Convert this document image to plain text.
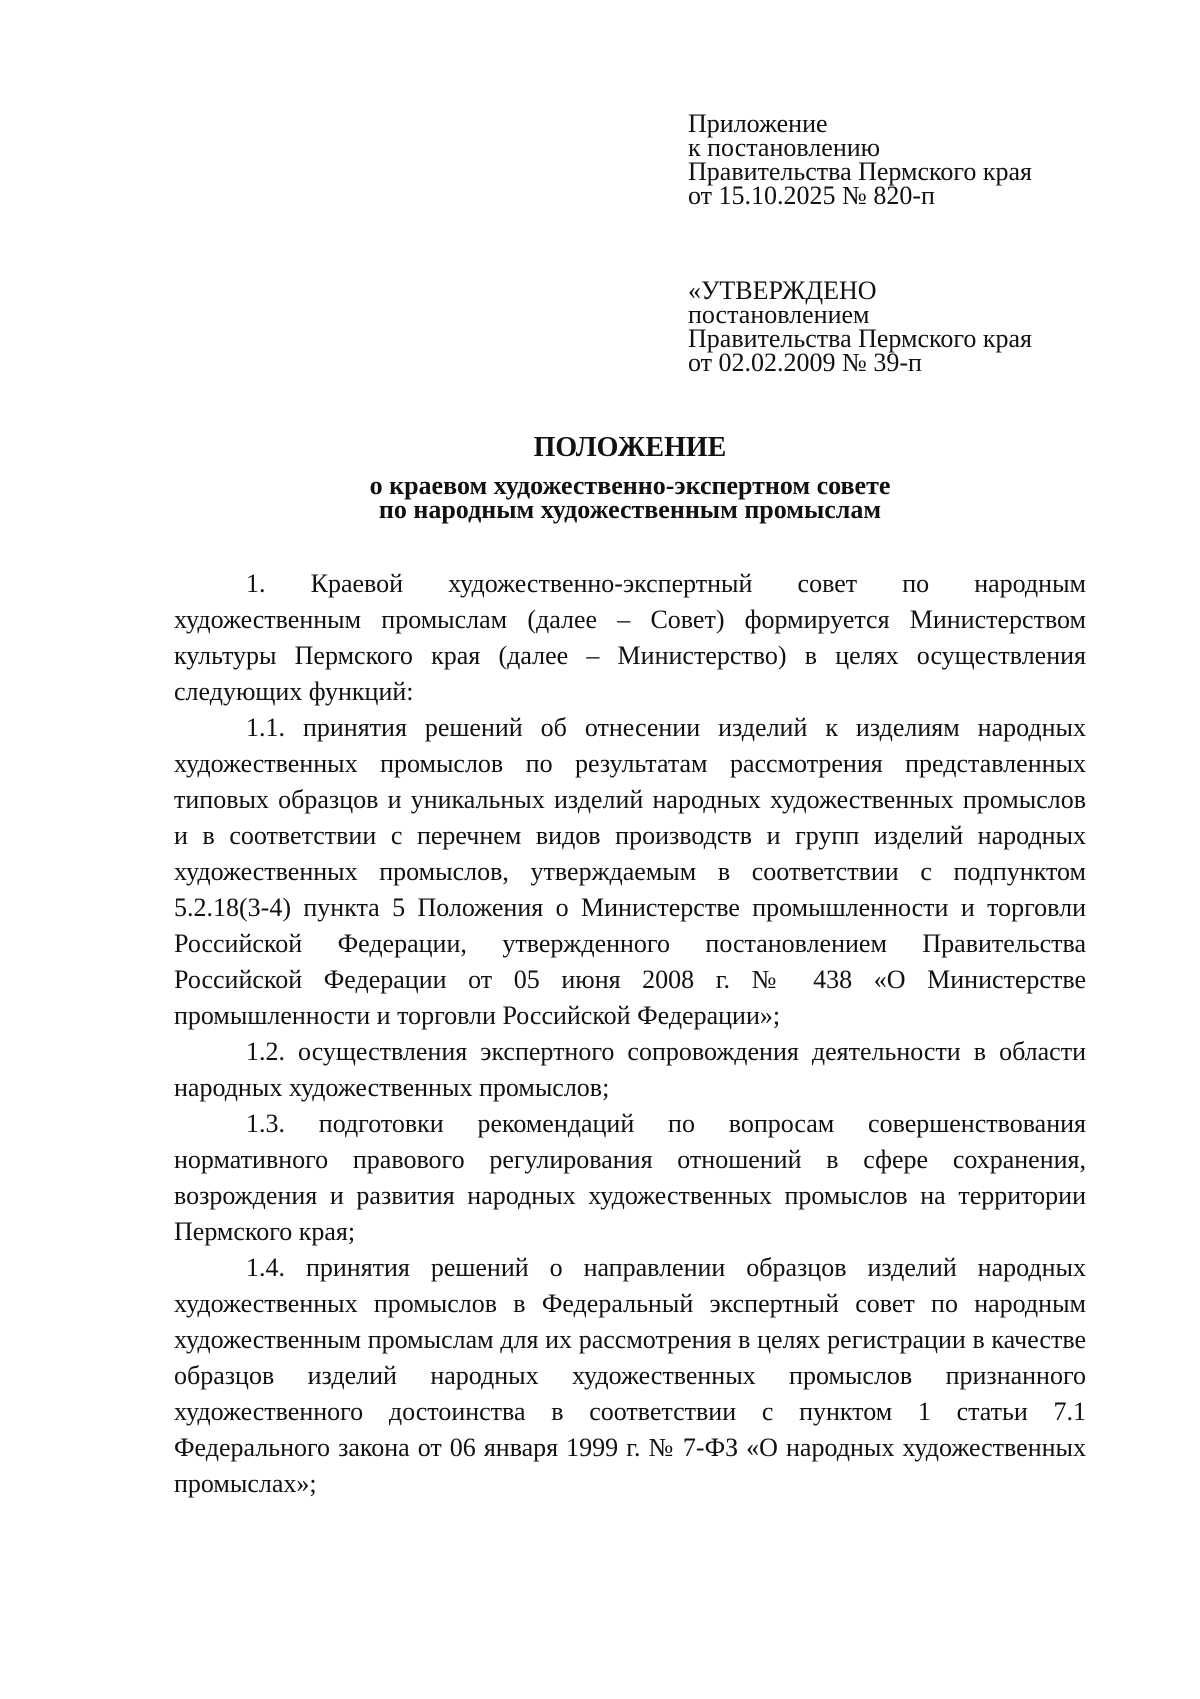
Приложение
к постановлению
Правительства Пермского края
от 15.10.2025 № 820-п
«УТВЕРЖДЕНО
постановлением
Правительства Пермского края
от 02.02.2009 № 39-п
ПОЛОЖЕНИЕ
о краевом художественно-экспертном совете
по народным художественным промыслам

1. Краевой художественно-экспертный совет по народным художественным промыслам (далее – Совет) формируется Министерством культуры Пермского края (далее – Министерство) в целях осуществления следующих функций:

1.1. принятия решений об отнесении изделий к изделиям народных художественных промыслов по результатам рассмотрения представленных типовых образцов и уникальных изделий народных художественных промыслов и в соответствии с перечнем видов производств и групп изделий народных художественных промыслов, утверждаемым в соответствии с подпунктом 5.2.18(3-4) пункта 5 Положения о Министерстве промышленности и торговли Российской Федерации, утвержденного постановлением Правительства Российской Федерации от 05 июня 2008 г. № 438 «О Министерстве промышленности и торговли Российской Федерации»;

1.2. осуществления экспертного сопровождения деятельности в области народных художественных промыслов;

1.3. подготовки рекомендаций по вопросам совершенствования нормативного правового регулирования отношений в сфере сохранения, возрождения и развития народных художественных промыслов на территории Пермского края;

1.4. принятия решений о направлении образцов изделий народных художественных промыслов в Федеральный экспертный совет по народным художественным промыслам для их рассмотрения в целях регистрации в качестве образцов изделий народных художественных промыслов признанного художественного достоинства в соответствии с пунктом 1 статьи 7.1 Федерального закона от 06 января 1999 г. № 7-ФЗ «О народных художественных промыслах»;
